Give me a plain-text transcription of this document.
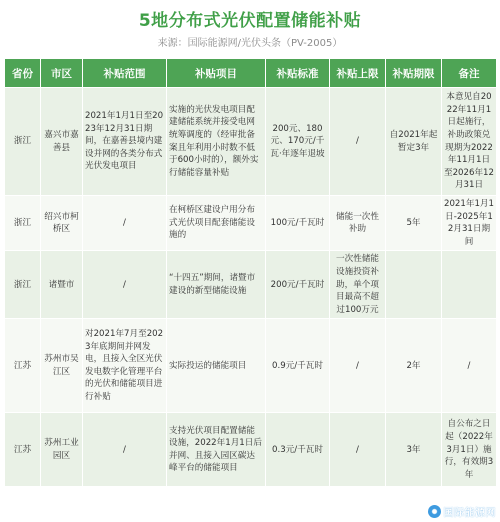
5地分布式光伏配置储能补贴
来源：国际能源网/光伏头条（PV-2005）
省份	市区	补贴范围	补贴项目	补贴标准	补贴上限	补贴期限	备注
浙江	嘉兴市嘉善县	2021年1月1日至2023年12月31日期间，在嘉善县境内建设并网的各类分布式光伏发电项目	实施的光伏发电项目配建储能系统并接受电网统筹调度的（经审批备案且年利用小时数不低于600小时的），额外实行储能容量补贴	200元、180元、170元/千瓦·年逐年退坡	/	自2021年起暂定3年	本意见自2022年11月1日起施行，补助政策兑现期为2022年11月1日至2026年12月31日
浙江	绍兴市柯桥区	/	在柯桥区建设户用分布式光伏项目配套储能设施的	100元/千瓦时	储能一次性补助	5年	2021年1月1日-2025年12月31日期间
浙江	诸暨市	/	“十四五”期间，诸暨市建设的新型储能设施	200元/千瓦时	一次性储能设施投资补助，单个项目最高不超过100万元		
江苏	苏州市吴江区	对2021年7月至2023年底期间并网发电，且接入全区光伏发电数字化管理平台的光伏和储能项目进行补贴	实际投运的储能项目	0.9元/千瓦时	/	2年	/
江苏	苏州工业园区	/	支持光伏项目配置储能设施，2022年1月1日后并网、且接入园区碳达峰平台的储能项目	0.3元/千瓦时	/	3年	自公布之日起（2022年3月1日）施行，有效期3年
国际能源网
